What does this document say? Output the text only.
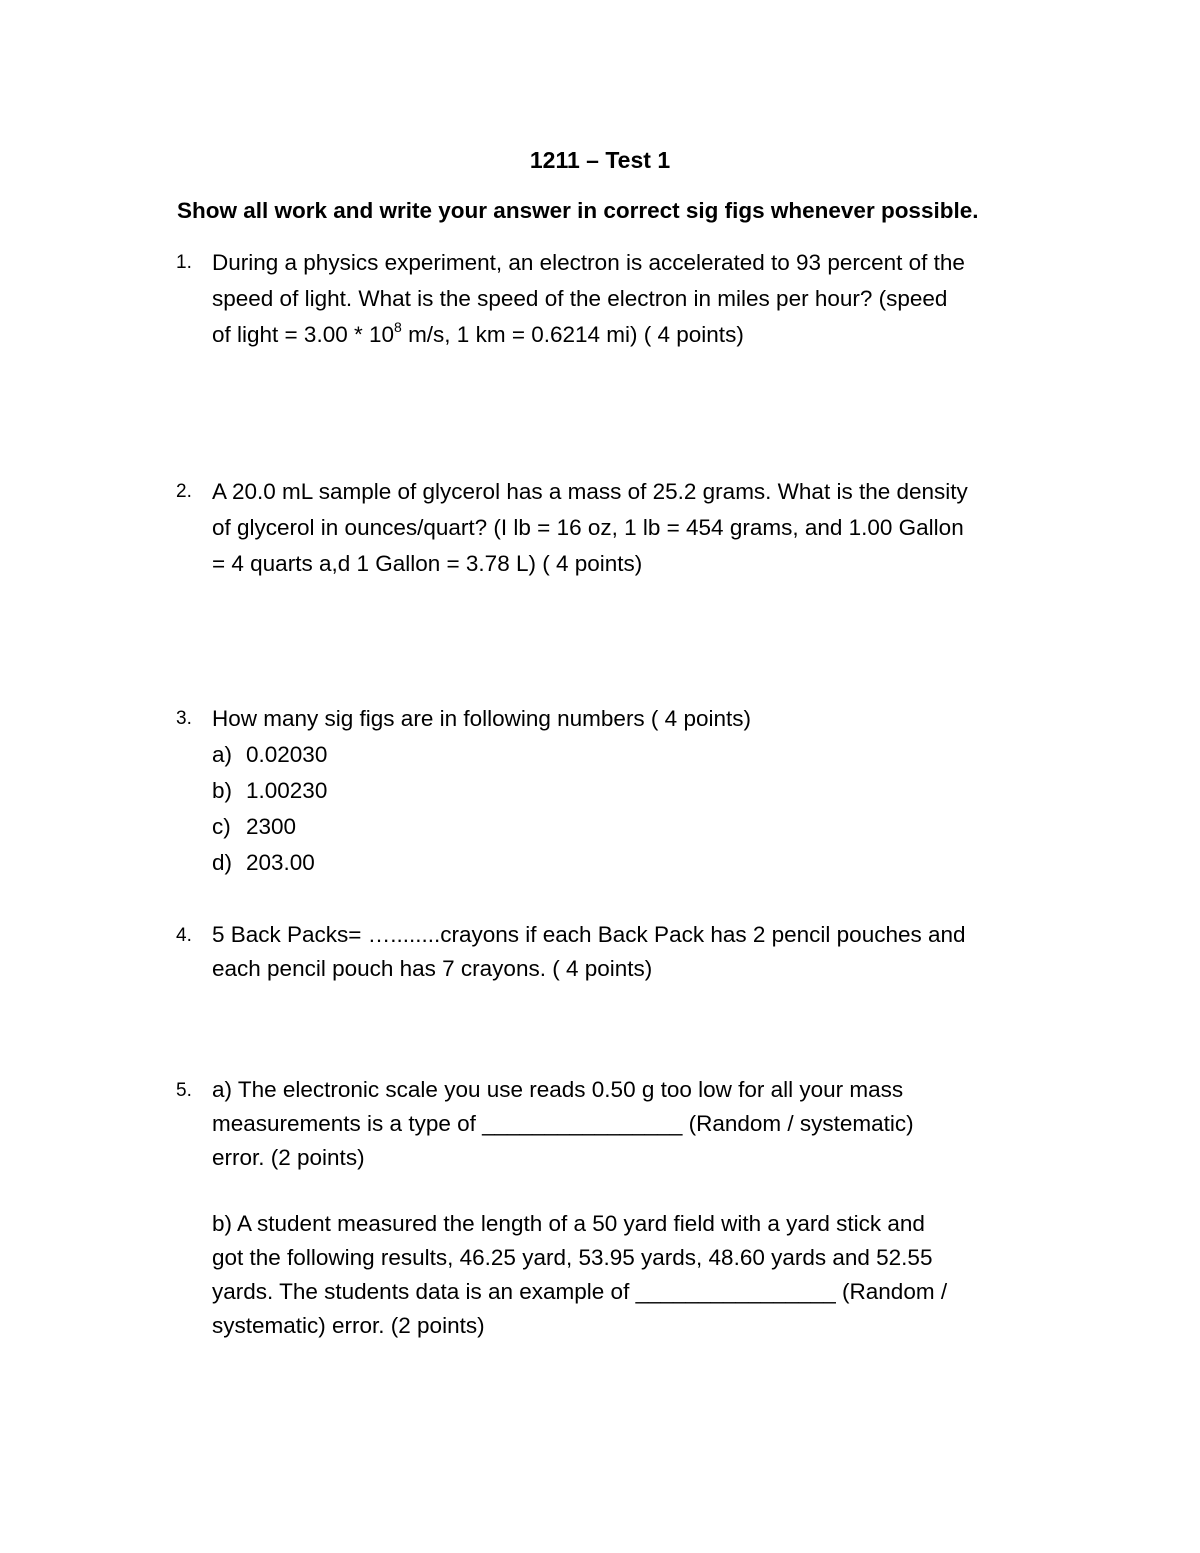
1211 – Test 1
Show all work and write your answer in correct sig figs whenever possible.
1. During a physics experiment, an electron is accelerated to 93 percent of the
speed of light. What is the speed of the electron in miles per hour? (speed
of light = $3.00 * 10^8$ m/s, 1 km = 0.6214 mi) ( 4 points)
2. A 20.0 mL sample of glycerol has a mass of 25.2 grams. What is the density
of glycerol in ounces/quart? (I lb = 16 oz, 1 lb = 454 grams, and 1.00 Gallon
= 4 quarts a,d 1 Gallon = 3.78 L) ( 4 points)
3. How many sig figs are in following numbers ( 4 points)
a) 0.02030
b) 1.00230
c) 2300
d) 203.00
4. 5 Back Packs= …........crayons if each Back Pack has 2 pencil pouches and
each pencil pouch has 7 crayons. ( 4 points)
5. a) The electronic scale you use reads 0.50 g too low for all your mass
measurements is a type of ________________ (Random / systematic)
error. (2 points)
b) A student measured the length of a 50 yard field with a yard stick and
got the following results, 46.25 yard, 53.95 yards, 48.60 yards and 52.55
yards. The students data is an example of ________________ (Random /
systematic) error. (2 points)
